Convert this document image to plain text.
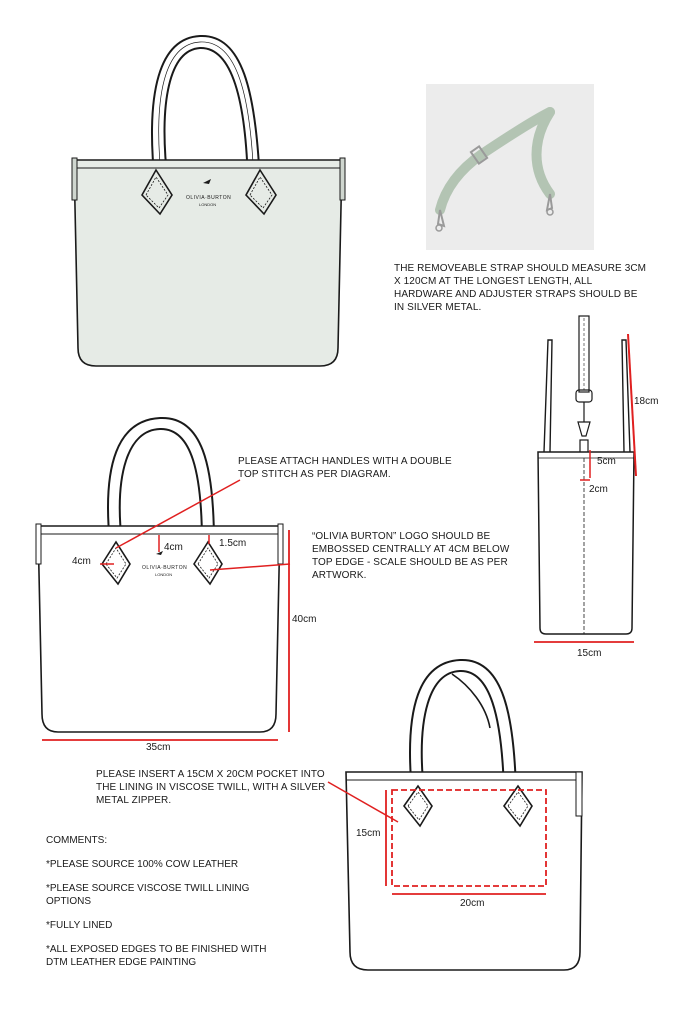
OLIVIA·BURTON
LONDON
THE REMOVEABLE STRAP SHOULD MEASURE 3CM X 120CM AT THE LONGEST LENGTH, ALL HARDWARE AND ADJUSTER STRAPS SHOULD BE IN SILVER METAL.
18cm
5cm
2cm
15cm
OLIVIA·BURTON
LONDON
4cm
4cm	1.5cm
40cm
35cm
PLEASE ATTACH HANDLES WITH A DOUBLE TOP STITCH AS PER DIAGRAM.
“OLIVIA BURTON” LOGO SHOULD BE EMBOSSED CENTRALLY AT 4CM BELOW TOP EDGE - SCALE SHOULD BE AS PER ARTWORK.
15cm
20cm
PLEASE INSERT A 15CM X 20CM POCKET INTO THE LINING IN VISCOSE TWILL, WITH A SILVER METAL ZIPPER.

COMMENTS:

*PLEASE SOURCE 100% COW LEATHER

*PLEASE SOURCE VISCOSE TWILL LINING OPTIONS

*FULLY LINED

*ALL EXPOSED EDGES TO BE FINISHED WITH DTM LEATHER EDGE PAINTING
